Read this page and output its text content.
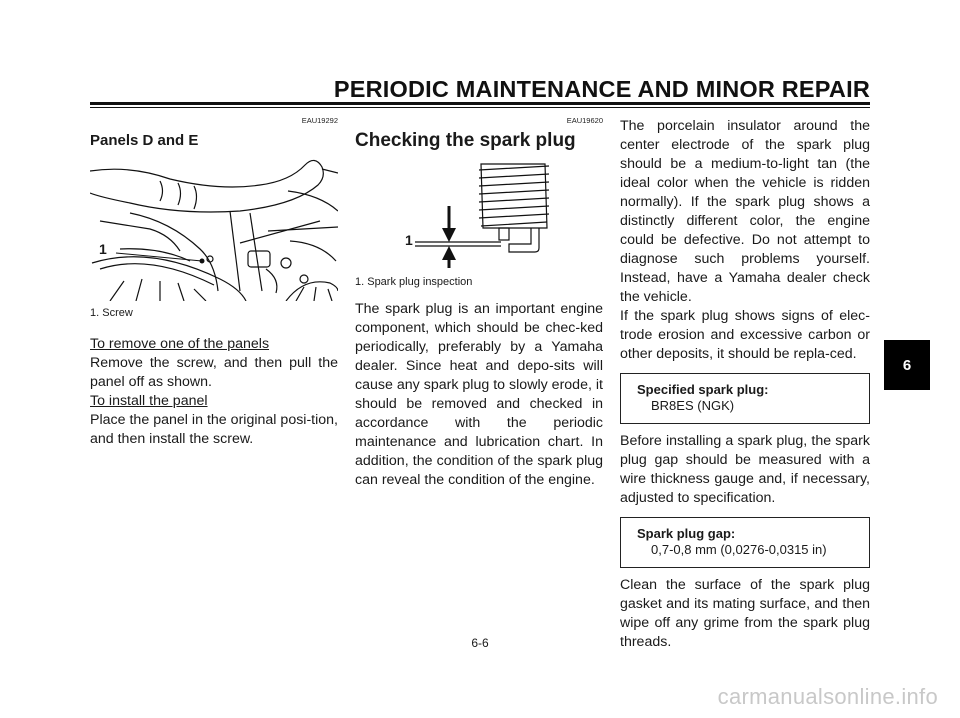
PERIODIC MAINTENANCE AND MINOR REPAIR
EAU19292
Panels D and E
1
1. Screw

To remove one of the panels

Remove the screw, and then pull the panel off as shown.

To install the panel

Place the panel in the original posi-tion, and then install the screw.

EAU19620
Checking the spark plug
1
1. Spark plug inspection

The spark plug is an important engine component, which should be chec-ked periodically, preferably by a Yamaha dealer. Since heat and depo-sits will cause any spark plug to slowly erode, it should be removed and checked in accordance with the periodic maintenance and lubrication chart. In addition, the condition of the spark plug can reveal the condition of the engine.

The porcelain insulator around the center electrode of the spark plug should be a medium-to-light tan (the ideal color when the vehicle is ridden normally). If the spark plug shows a distinctly different color, the engine could be defective. Do not attempt to diagnose such problems yourself. Instead, have a Yamaha dealer check the vehicle.

If the spark plug shows signs of elec-trode erosion and excessive carbon or other deposits, it should be repla-ced.

Specified spark plug:
BR8ES (NGK)

Before installing a spark plug, the spark plug gap should be measured with a wire thickness gauge and, if necessary, adjusted to specification.

Spark plug gap:
0,7-0,8 mm (0,0276-0,0315 in)

Clean the surface of the spark plug gasket and its mating surface, and then wipe off any grime from the spark plug threads.

6
6-6
carmanualsonline.info
